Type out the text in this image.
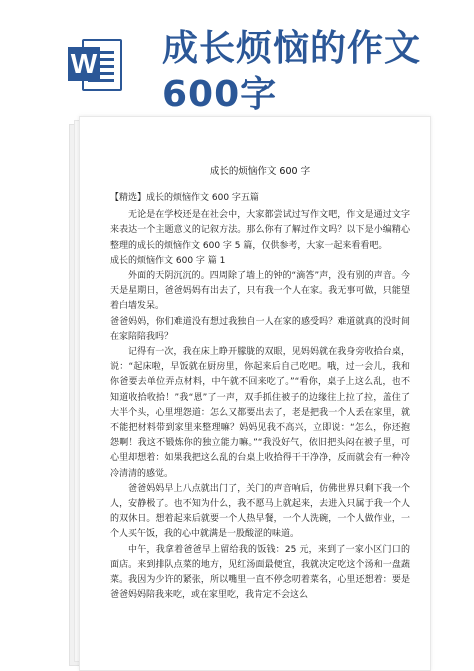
W 成长烦恼的作文600字
成长的烦恼作文 600 字

【精选】成长的烦恼作文 600 字五篇

无论是在学校还是在社会中，大家都尝试过写作文吧，作文是通过文字来表达一个主题意义的记叙方法。那么你有了解过作文吗？以下是小编精心整理的成长的烦恼作文 600 字 5 篇，仅供参考，大家一起来看看吧。

成长的烦恼作文 600 字 篇 1

外面的天阴沉沉的。四周除了墙上的钟的“滴答”声，没有别的声音。今天是星期日，爸爸妈妈有出去了，只有我一个人在家。我无事可做，只能望着白墙发呆。

爸爸妈妈，你们难道没有想过我独自一人在家的感受吗？难道就真的没时间在家陪陪我吗？

记得有一次，我在床上睁开朦胧的双眼，见妈妈就在我身旁收拾台桌，说：“起床啦，早饭就在厨房里，你起来后自己吃吧。哦，过一会儿，我和你爸要去单位弄点材料，中午就不回来吃了。”“看你，桌子上这么乱，也不知道收拾收拾！”我“恩”了一声，双手抓住被子的边缘往上拉了拉，盖住了大半个头，心里埋怨道：怎么又都要出去了，老是把我一个人丢在家里，就不能把材料带到家里来整理嘛？妈妈见我不高兴，立即说：“怎么，你还抱怨啊！我这不锻炼你的独立能力嘛。”“我没好气，依旧把头闷在被子里，可心里却想着：如果我把这么乱的台桌上收拾得干干净净，反而就会有一种冷冷清清的感觉。

爸爸妈妈早上八点就出门了，关门的声音响后，仿佛世界只剩下我一个人，安静极了。也不知为什么，我不愿马上就起来，去进入只属于我一个人的双休日。想着起来后就要一个人热早餐，一个人洗碗，一个人做作业，一个人买午饭，我的心中就满是一股酸涩的味道。

中午，我拿着爸爸早上留给我的饭钱：25 元，来到了一家小区门口的面店。来到排队点菜的地方，见红汤面最便宜，我就决定吃这个汤和一盘蔬菜。我因为少许的紧张，所以嘴里一直不停念叨着菜名，心里还想着：要是爸爸妈妈陪我来吃，或在家里吃，我肯定不会这么
